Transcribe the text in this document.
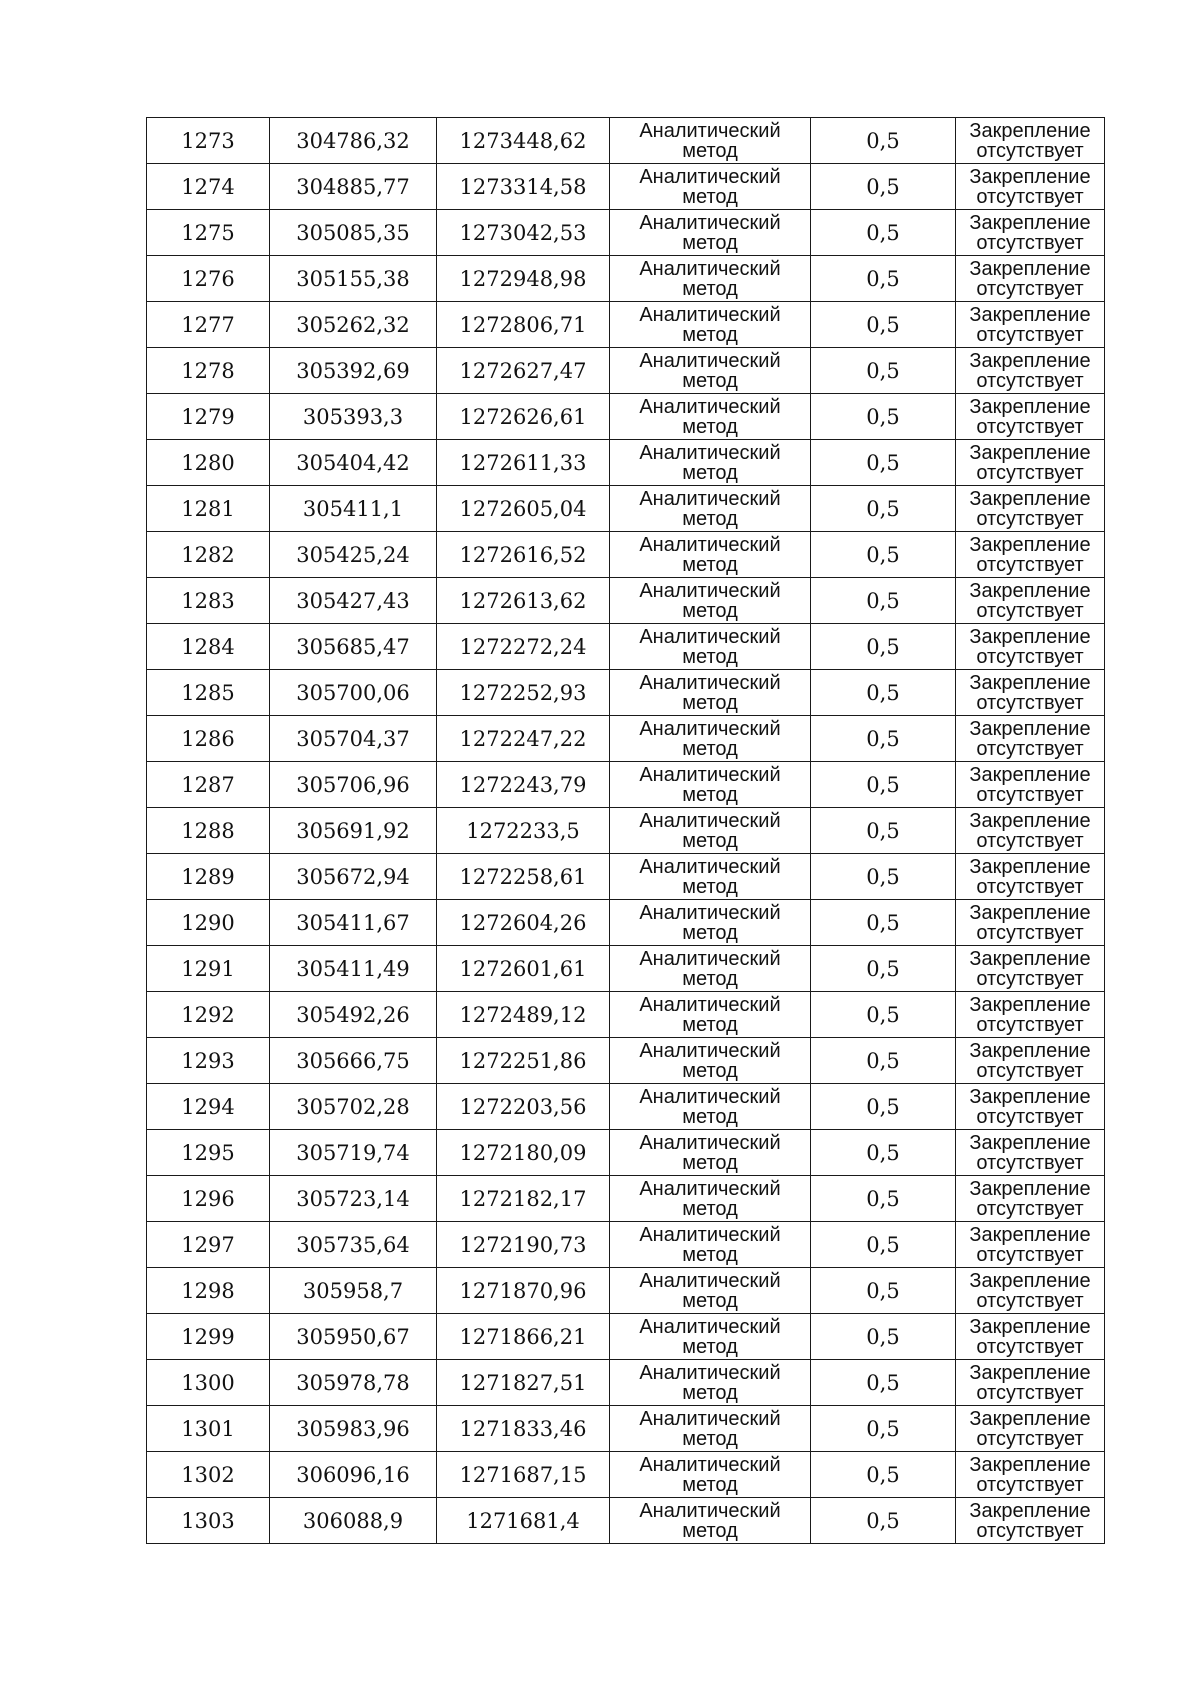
1273	304786,32	1273448,62	Аналитический
метод	0,5	Закрепление
отсутствует

1274	304885,77	1273314,58	Аналитический
метод	0,5	Закрепление
отсутствует

1275	305085,35	1273042,53	Аналитический
метод	0,5	Закрепление
отсутствует

1276	305155,38	1272948,98	Аналитический
метод	0,5	Закрепление
отсутствует

1277	305262,32	1272806,71	Аналитический
метод	0,5	Закрепление
отсутствует

1278	305392,69	1272627,47	Аналитический
метод	0,5	Закрепление
отсутствует

1279	305393,3	1272626,61	Аналитический
метод	0,5	Закрепление
отсутствует

1280	305404,42	1272611,33	Аналитический
метод	0,5	Закрепление
отсутствует

1281	305411,1	1272605,04	Аналитический
метод	0,5	Закрепление
отсутствует

1282	305425,24	1272616,52	Аналитический
метод	0,5	Закрепление
отсутствует

1283	305427,43	1272613,62	Аналитический
метод	0,5	Закрепление
отсутствует

1284	305685,47	1272272,24	Аналитический
метод	0,5	Закрепление
отсутствует

1285	305700,06	1272252,93	Аналитический
метод	0,5	Закрепление
отсутствует

1286	305704,37	1272247,22	Аналитический
метод	0,5	Закрепление
отсутствует

1287	305706,96	1272243,79	Аналитический
метод	0,5	Закрепление
отсутствует

1288	305691,92	1272233,5	Аналитический
метод	0,5	Закрепление
отсутствует

1289	305672,94	1272258,61	Аналитический
метод	0,5	Закрепление
отсутствует

1290	305411,67	1272604,26	Аналитический
метод	0,5	Закрепление
отсутствует

1291	305411,49	1272601,61	Аналитический
метод	0,5	Закрепление
отсутствует

1292	305492,26	1272489,12	Аналитический
метод	0,5	Закрепление
отсутствует

1293	305666,75	1272251,86	Аналитический
метод	0,5	Закрепление
отсутствует

1294	305702,28	1272203,56	Аналитический
метод	0,5	Закрепление
отсутствует

1295	305719,74	1272180,09	Аналитический
метод	0,5	Закрепление
отсутствует

1296	305723,14	1272182,17	Аналитический
метод	0,5	Закрепление
отсутствует

1297	305735,64	1272190,73	Аналитический
метод	0,5	Закрепление
отсутствует

1298	305958,7	1271870,96	Аналитический
метод	0,5	Закрепление
отсутствует

1299	305950,67	1271866,21	Аналитический
метод	0,5	Закрепление
отсутствует

1300	305978,78	1271827,51	Аналитический
метод	0,5	Закрепление
отсутствует

1301	305983,96	1271833,46	Аналитический
метод	0,5	Закрепление
отсутствует

1302	306096,16	1271687,15	Аналитический
метод	0,5	Закрепление
отсутствует

1303	306088,9	1271681,4	Аналитический
метод	0,5	Закрепление
отсутствует
